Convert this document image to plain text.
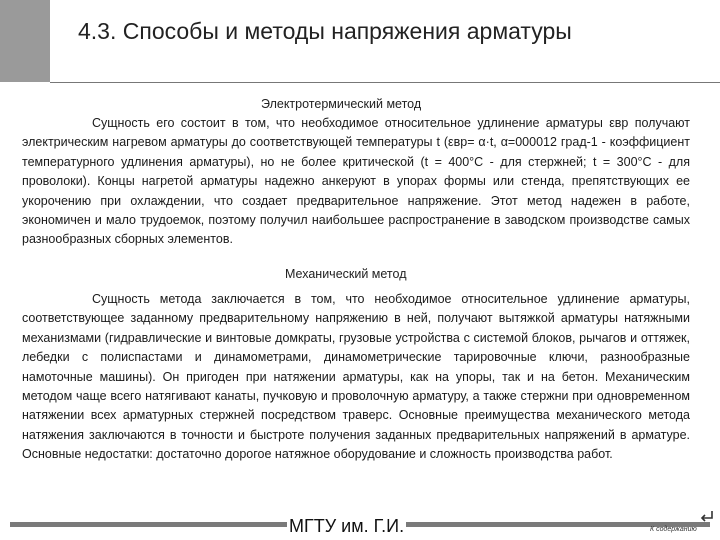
4.3. Способы и методы напряжения арматуры
Электротермический метод

Сущность его состоит в том, что необходимое относительное удлинение арматуры εвр получают электрическим нагревом арматуры до соответствующей температуры t (εвр= α·t, α=000012 град-1 - коэффициент температурного удлинения арматуры), но не более критической (t = 400°С - для стержней; t = 300°С - для проволоки). Концы нагретой арматуры надежно анкеруют в упорах формы или стенда, препятствующих ее укорочению при охлаждении, что создает предварительное напряжение. Этот метод надежен в работе, экономичен и мало трудоемок, поэтому получил наибольшее распространение в заводском производстве самых разнообразных сборных элементов.

Механический метод

Сущность метода заключается в том, что необходимое относительное удлинение арматуры, соответствующее заданному предварительному напряжению в ней, получают вытяжкой арматуры натяжными механизмами (гидравлические и винтовые домкраты, грузовые устройства с системой блоков, рычагов и оттяжек, лебедки с полиспастами и динамометрами, динамометрические тарировочные ключи, разнообразные намоточные машины). Он пригоден при натяжении арматуры, как на упоры, так и на бетон. Механическим методом чаще всего натягивают канаты, пучковую и проволочную арматуру, а также стержни при одновременном натяжении всех арматурных стержней посредством траверс. Основные преимущества механического метода натяжения заключаются в точности и быстроте получения заданных предварительных напряжений в арматуре. Основные недостатки: достаточно дорогое натяжное оборудование и сложность производства работ.

МГТУ им. Г.И.	К содержанию
